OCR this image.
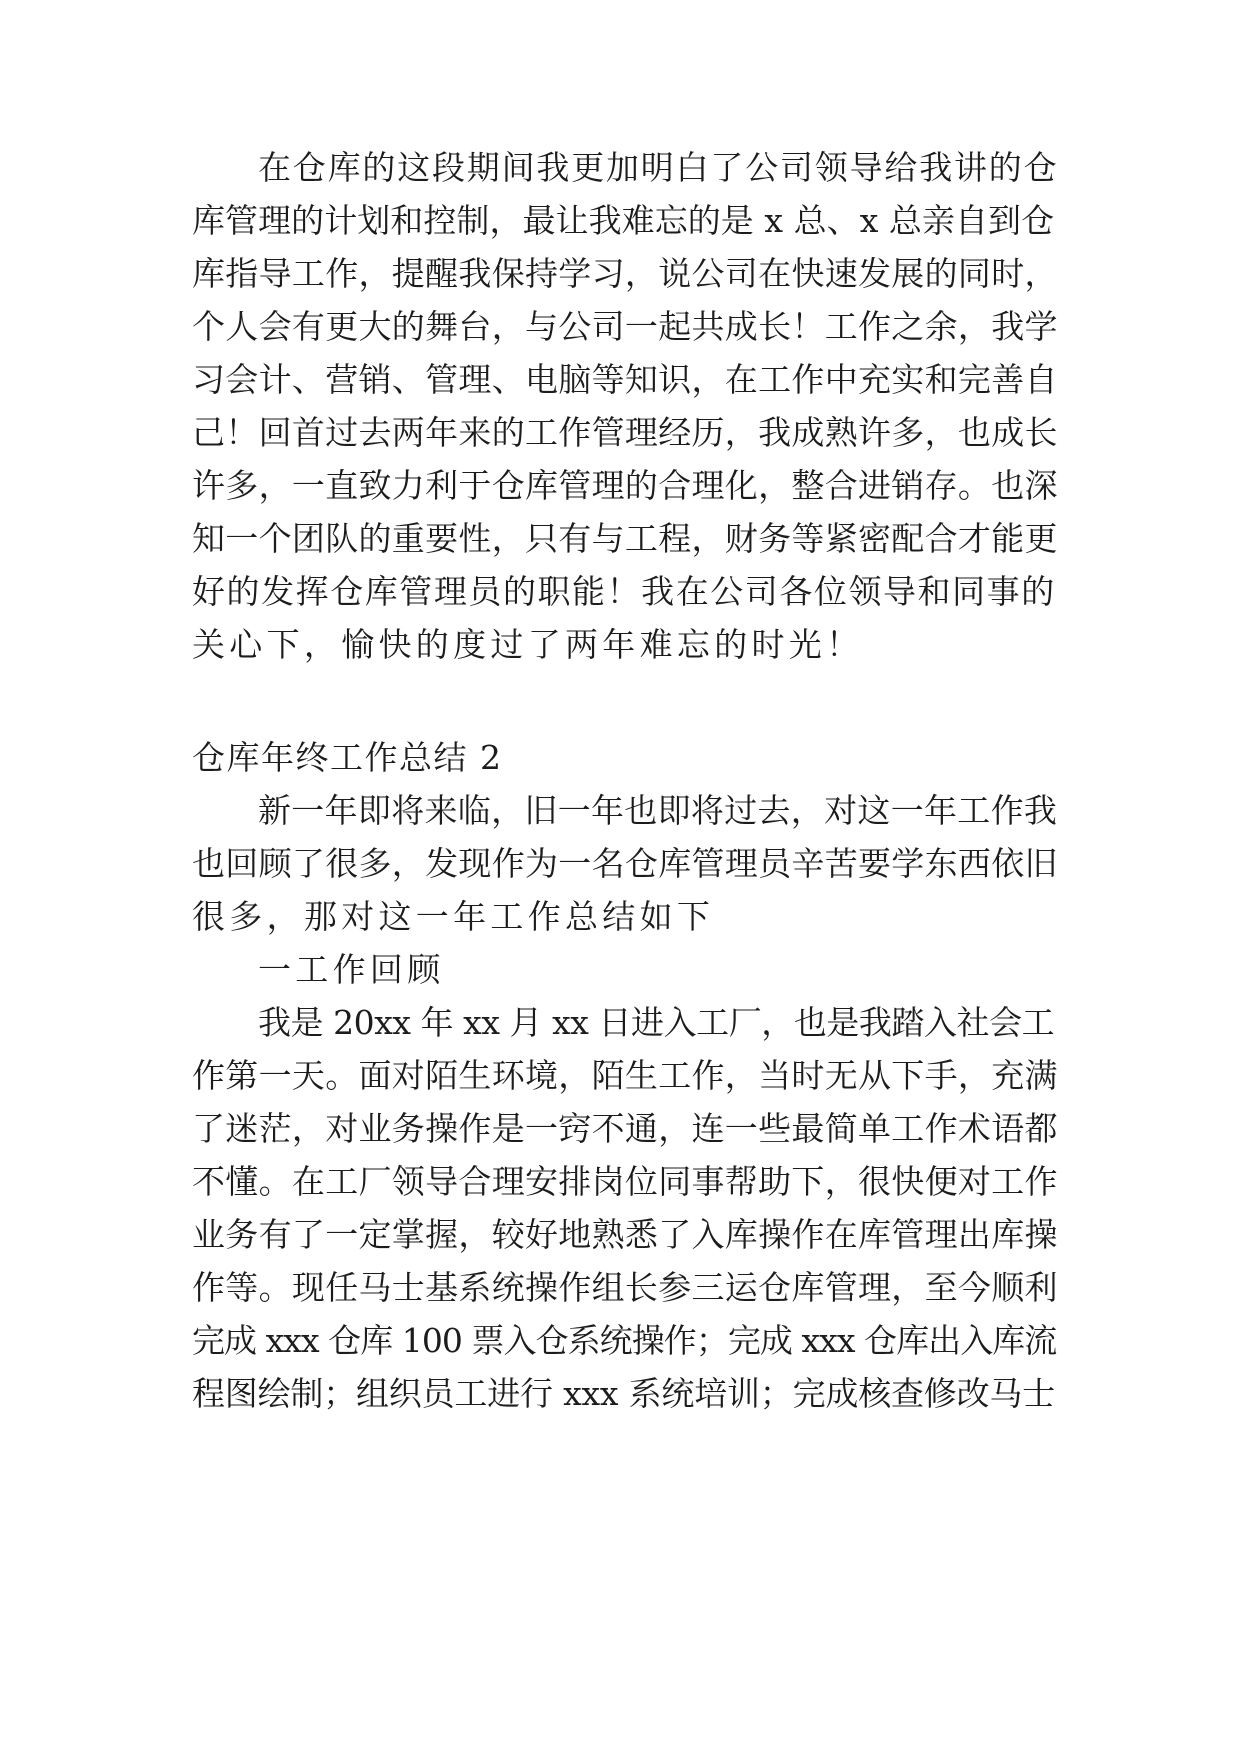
在仓库的这段期间我更加明白了公司领导给我讲的仓

库管理的计划和控制，最让我难忘的是 x 总、x 总亲自到仓

库指导工作，提醒我保持学习，说公司在快速发展的同时，

个人会有更大的舞台，与公司一起共成长！工作之余，我学

习会计、营销、管理、电脑等知识，在工作中充实和完善自

己！回首过去两年来的工作管理经历，我成熟许多，也成长

许多，一直致力利于仓库管理的合理化，整合进销存。也深

知一个团队的重要性，只有与工程，财务等紧密配合才能更

好的发挥仓库管理员的职能！我在公司各位领导和同事的

关心下，愉快的度过了两年难忘的时光！

仓库年终工作总结 2

新一年即将来临，旧一年也即将过去，对这一年工作我

也回顾了很多，发现作为一名仓库管理员辛苦要学东西依旧

很多，那对这一年工作总结如下

一工作回顾

我是 20xx 年 xx 月 xx 日进入工厂，也是我踏入社会工

作第一天。面对陌生环境，陌生工作，当时无从下手，充满

了迷茫，对业务操作是一窍不通，连一些最简单工作术语都

不懂。在工厂领导合理安排岗位同事帮助下，很快便对工作

业务有了一定掌握，较好地熟悉了入库操作在库管理出库操

作等。现任马士基系统操作组长参三运仓库管理，至今顺利

完成 xxx 仓库 100 票入仓系统操作；完成 xxx 仓库出入库流

程图绘制；组织员工进行 xxx 系统培训；完成核查修改马士
